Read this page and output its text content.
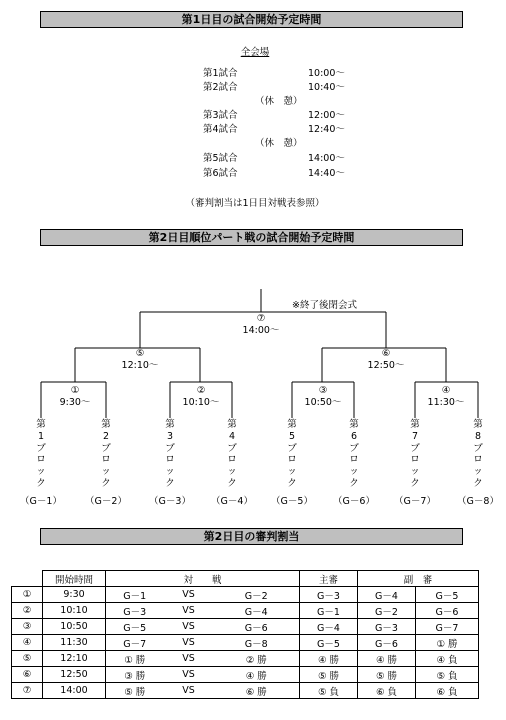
第1日目の試合開始予定時間
全会場
第1試合	10:00～
第2試合	10:40～
（休　憩）
第3試合	12:00～
第4試合	12:40～
（休　憩）
第5試合	14:00～
第6試合	14:40～
（審判割当は1日目対戦表参照）
第2日目順位パート戦の試合開始予定時間
※終了後閉会式
⑦
14:00～
⑤
12:10～
⑥
12:50～
①
9:30～
②
10:10～
③
10:50～
④
11:30～
第
1
ブ
ロ
ッ
ク
第
2
ブ
ロ
ッ
ク
第
3
ブ
ロ
ッ
ク
第
4
ブ
ロ
ッ
ク
第
5
ブ
ロ
ッ
ク
第
6
ブ
ロ
ッ
ク
第
7
ブ
ロ
ッ
ク
第
8
ブ
ロ
ッ
ク
（G－1）	（G－2）	（G－3）	（G－4）	（G－5）	（G－6）	（G－7）	（G－8）
第2日目の審判割当
	開始時間	対　　戦			主審	副　審	
①	9:30	G－1	VS	G－2	G－3	G－4	G－5
②	10:10	G－3	VS	G－4	G－1	G－2	G－6
③	10:50	G－5	VS	G－6	G－4	G－3	G－7
④	11:30	G－7	VS	G－8	G－5	G－6	① 勝
⑤	12:10	① 勝	VS	② 勝	④ 勝	④ 勝	④ 負
⑥	12:50	③ 勝	VS	④ 勝	⑤ 勝	⑤ 勝	⑤ 負
⑦	14:00	⑤ 勝	VS	⑥ 勝	⑤ 負	⑥ 負	⑥ 負
